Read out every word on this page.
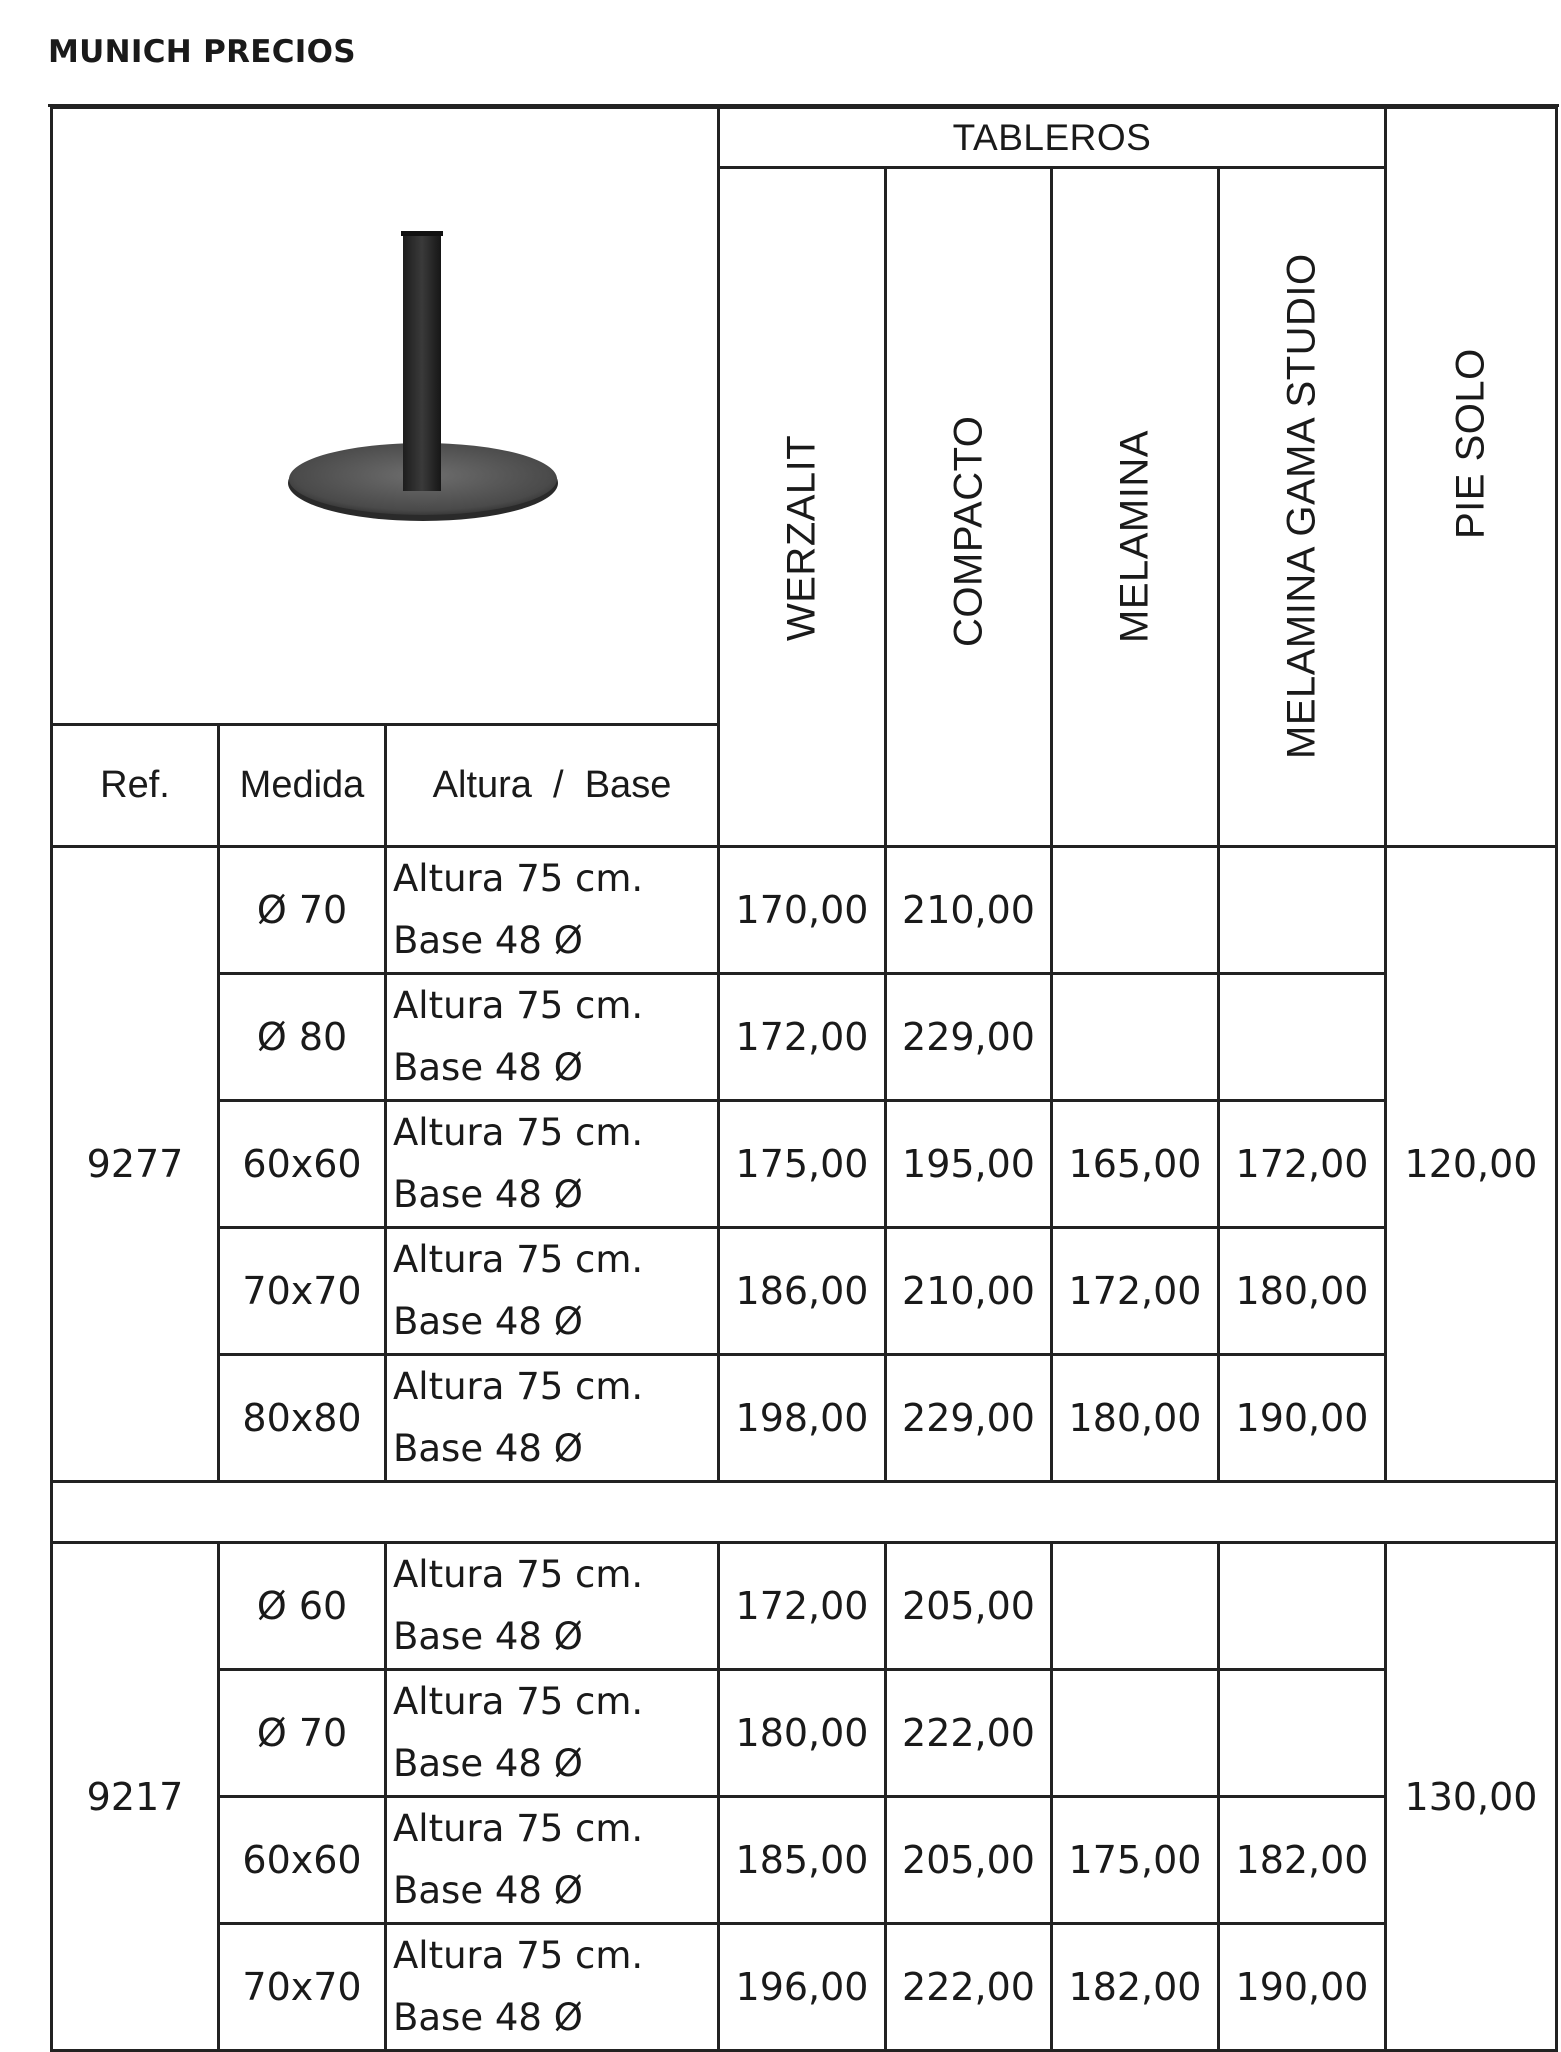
MUNICH PRECIOS
	TABLEROS				PIE SOLO

			WERZALIT	COMPACTO	MELAMINA	MELAMINA GAMA STUDIO	

Ref.	Medida	Altura  /  Base					
9277	Ø 70	Altura 75 cm.
Base 48 Ø	170,00	210,00			120,00
	Ø 80	Altura 75 cm.
Base 48 Ø	172,00	229,00			
	60x60	Altura 75 cm.
Base 48 Ø	175,00	195,00	165,00	172,00	
	70x70	Altura 75 cm.
Base 48 Ø	186,00	210,00	172,00	180,00	
	80x80	Altura 75 cm.
Base 48 Ø	198,00	229,00	180,00	190,00	

9217	Ø 60	Altura 75 cm.
Base 48 Ø	172,00	205,00			130,00
	Ø 70	Altura 75 cm.
Base 48 Ø	180,00	222,00			
	60x60	Altura 75 cm.
Base 48 Ø	185,00	205,00	175,00	182,00	
	70x70	Altura 75 cm.
Base 48 Ø	196,00	222,00	182,00	190,00	
